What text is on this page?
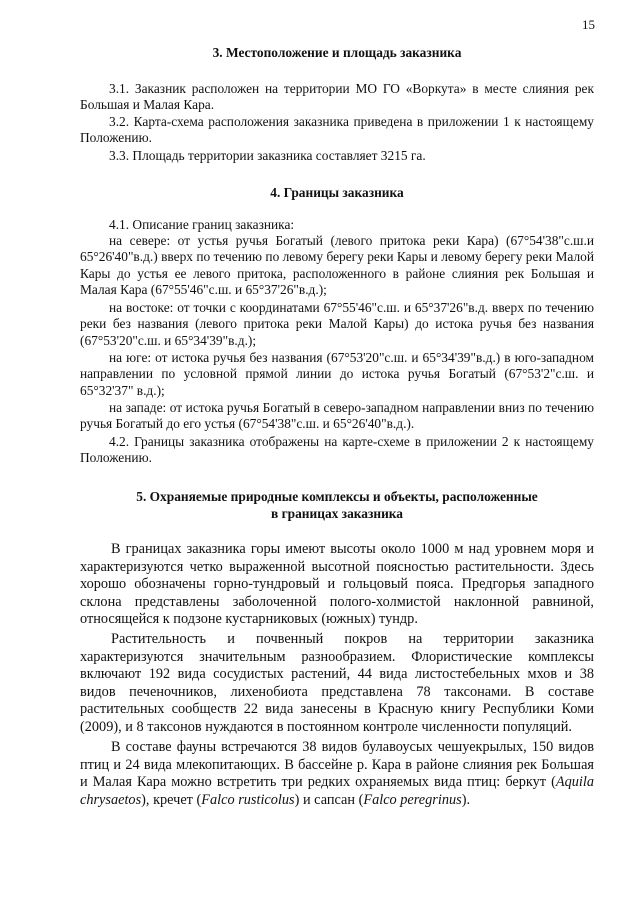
15
3. Местоположение и площадь заказника

3.1. Заказник расположен на территории МО ГО «Воркута» в месте слияния рек Большая и Малая Кара.

3.2. Карта-схема расположения заказника приведена в приложении 1 к настоящему Положению.

3.3. Площадь территории заказника составляет 3215 га.

4. Границы заказника

4.1. Описание границ заказника:

на севере: от устья ручья Богатый (левого притока реки Кара) (67°54'38"с.ш.и 65°26'40"в.д.) вверх по течению по левому берегу реки Кары и левому берегу реки Малой Кары до устья ее левого притока, расположенного в районе слияния рек Большая и Малая Кара (67°55'46"с.ш. и 65°37'26"в.д.);

на востоке: от точки с координатами 67°55'46"с.ш. и 65°37'26"в.д. вверх по течению реки без названия (левого притока реки Малой Кары) до истока ручья без названия (67°53'20"с.ш. и 65°34'39"в.д.);

на юге: от истока ручья без названия (67°53'20"с.ш. и 65°34'39"в.д.) в юго-западном направлении по условной прямой линии до истока ручья Богатый (67°53'2"с.ш. и 65°32'37" в.д.);

на западе: от истока ручья Богатый в северо-западном направлении вниз по течению ручья Богатый до его устья (67°54'38"с.ш. и 65°26'40"в.д.).

4.2. Границы заказника отображены на карте-схеме в приложении 2 к настоящему Положению.

5. Охраняемые природные комплексы и объекты, расположенные
в границах заказника

В границах заказника горы имеют высоты около 1000 м над уровнем моря и характеризуются четко выраженной высотной поясностью растительности. Здесь хорошо обозначены горно-тундровый и гольцовый пояса. Предгорья западного склона представлены заболоченной полого-холмистой наклонной равниной, относящейся к подзоне кустарниковых (южных) тундр.

Растительность и почвенный покров на территории заказника характеризуются значительным разнообразием. Флористические комплексы включают 192 вида сосудистых растений, 44 вида листостебельных мхов и 38 видов печеночников, лихенобиота представлена 78 таксонами. В составе растительных сообществ 22 вида занесены в Красную книгу Республики Коми (2009), и 8 таксонов нуждаются в постоянном контроле численности популяций.

В составе фауны встречаются 38 видов булавоусых чешуекрылых, 150 видов птиц и 24 вида млекопитающих. В бассейне р. Кара в районе слияния рек Большая и Малая Кара можно встретить три редких охраняемых вида птиц: беркут (Aquila chrysaetos), кречет (Falco rusticolus) и сапсан (Falco peregrinus).
